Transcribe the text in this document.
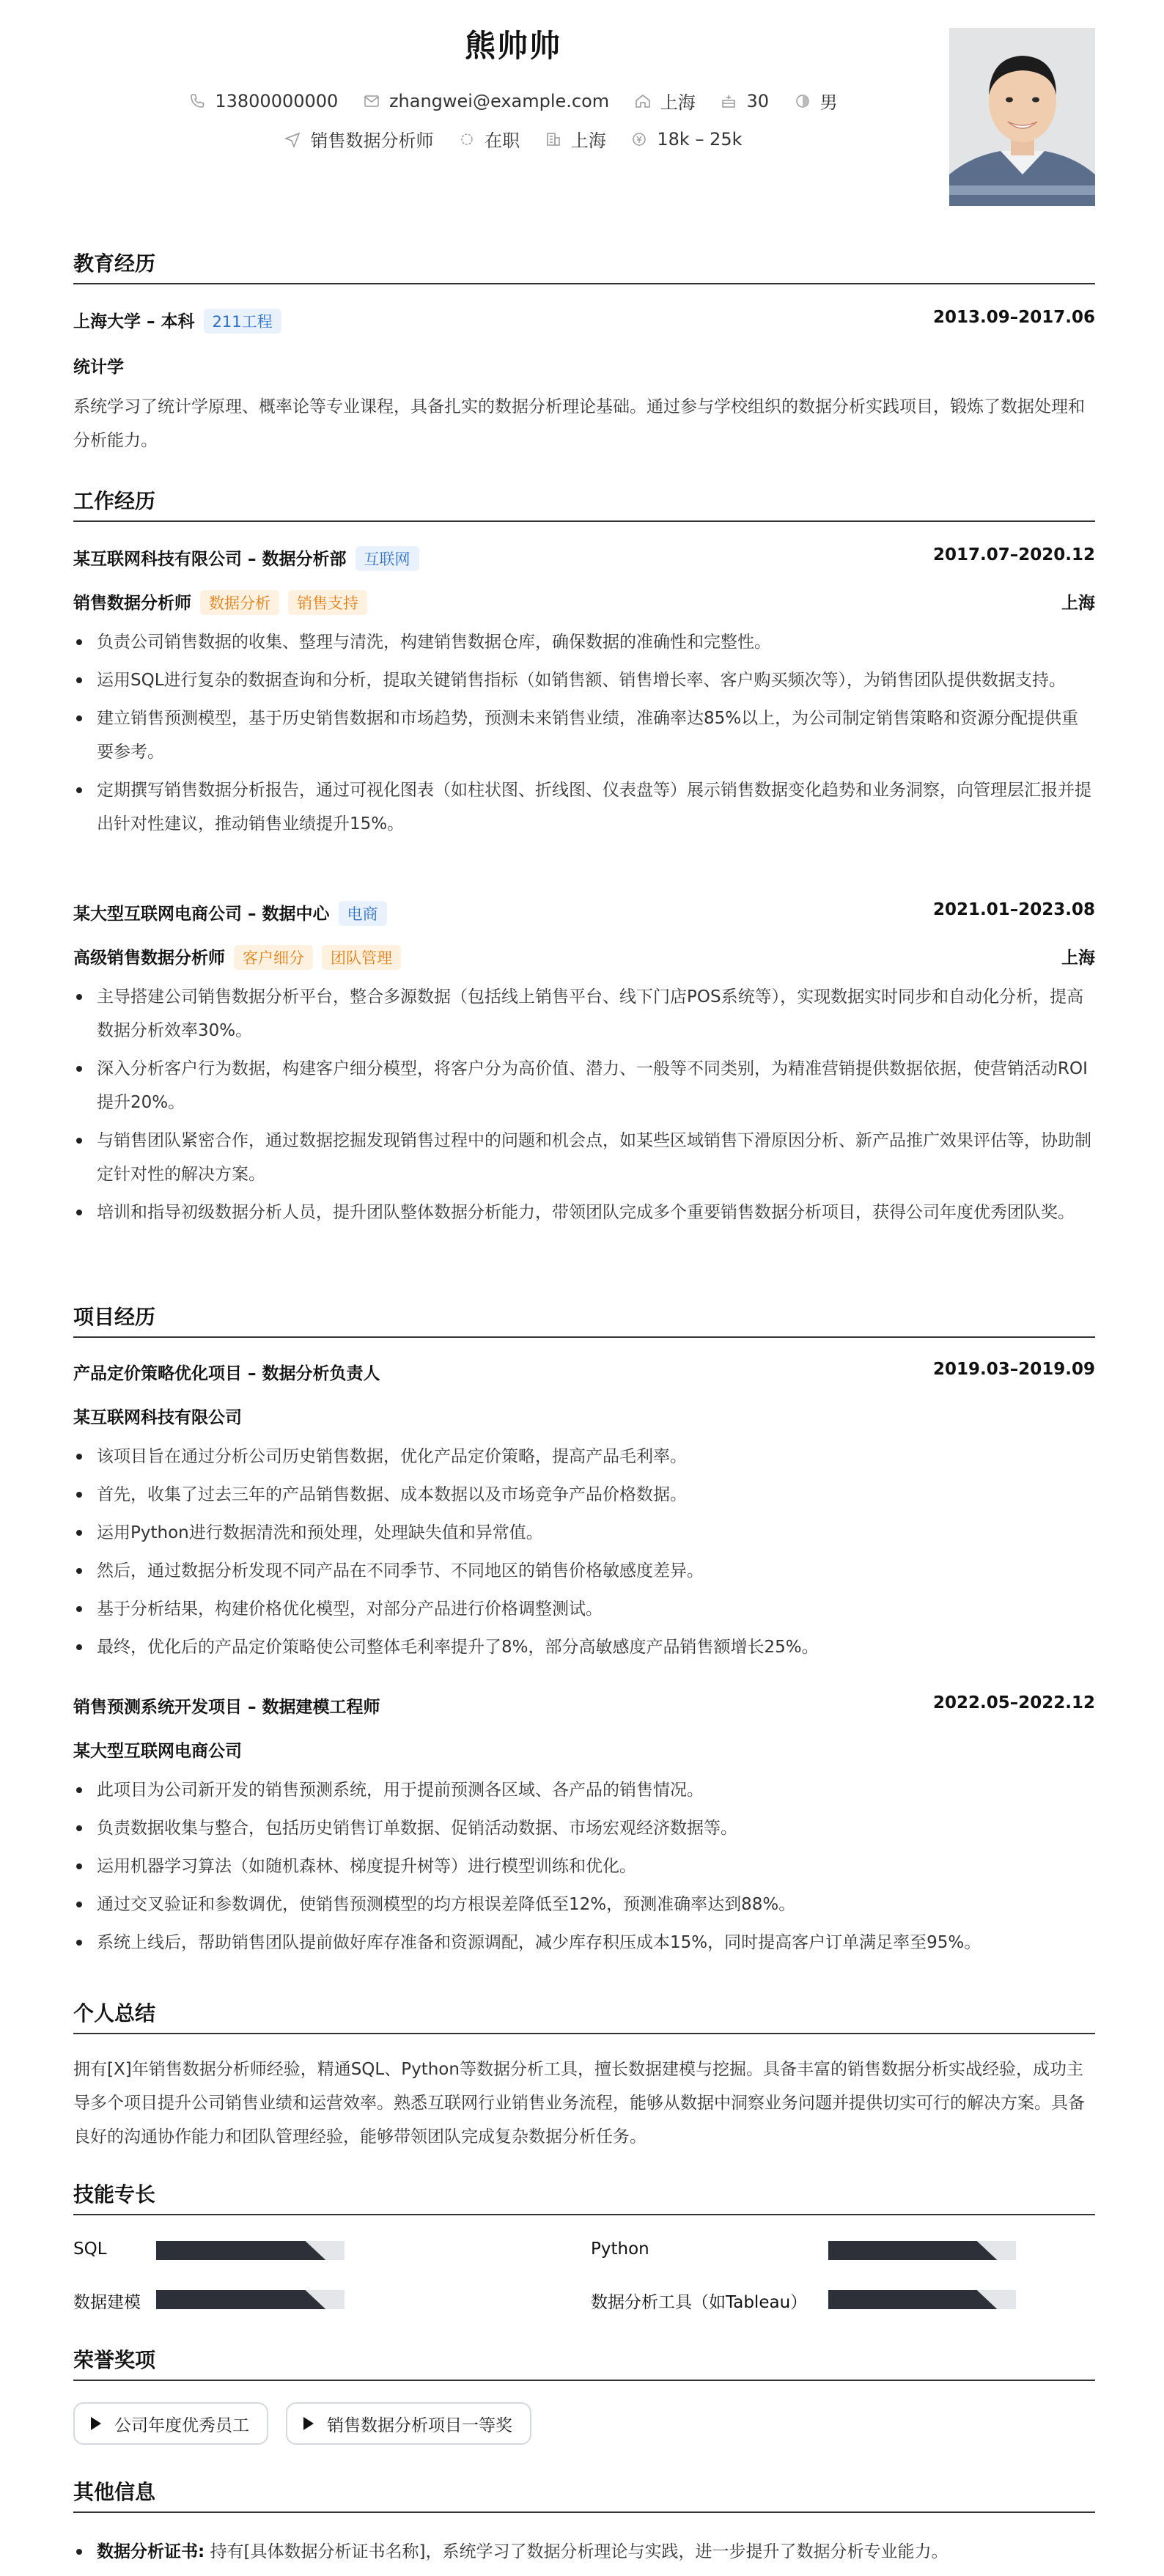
熊帅帅
13800000000
	zhangwei@example.com
	上海
	30
	男
销售数据分析师
	在职
	上海
	18k – 25k
教育经历
上海大学 – 本科 211工程	2013.09–2017.06
统计学
系统学习了统计学原理、概率论等专业课程，具备扎实的数据分析理论基础。通过参与学校组织的数据分析实践项目，锻炼了数据处理和分析能力。
工作经历
某互联网科技有限公司 – 数据分析部 互联网	2017.07–2020.12
销售数据分析师 数据分析 销售支持	上海
负责公司销售数据的收集、整理与清洗，构建销售数据仓库，确保数据的准确性和完整性。
运用SQL进行复杂的数据查询和分析，提取关键销售指标（如销售额、销售增长率、客户购买频次等），为销售团队提供数据支持。
建立销售预测模型，基于历史销售数据和市场趋势，预测未来销售业绩，准确率达85%以上，为公司制定销售策略和资源分配提供重要参考。
定期撰写销售数据分析报告，通过可视化图表（如柱状图、折线图、仪表盘等）展示销售数据变化趋势和业务洞察，向管理层汇报并提出针对性建议，推动销售业绩提升15%。
某大型互联网电商公司 – 数据中心 电商	2021.01–2023.08
高级销售数据分析师 客户细分 团队管理	上海
主导搭建公司销售数据分析平台，整合多源数据（包括线上销售平台、线下门店POS系统等），实现数据实时同步和自动化分析，提高数据分析效率30%。
深入分析客户行为数据，构建客户细分模型，将客户分为高价值、潜力、一般等不同类别，为精准营销提供数据依据，使营销活动ROI提升20%。
与销售团队紧密合作，通过数据挖掘发现销售过程中的问题和机会点，如某些区域销售下滑原因分析、新产品推广效果评估等，协助制定针对性的解决方案。
培训和指导初级数据分析人员，提升团队整体数据分析能力，带领团队完成多个重要销售数据分析项目，获得公司年度优秀团队奖。
项目经历
产品定价策略优化项目 – 数据分析负责人	2019.03–2019.09
某互联网科技有限公司
该项目旨在通过分析公司历史销售数据，优化产品定价策略，提高产品毛利率。
首先，收集了过去三年的产品销售数据、成本数据以及市场竞争产品价格数据。
运用Python进行数据清洗和预处理，处理缺失值和异常值。
然后，通过数据分析发现不同产品在不同季节、不同地区的销售价格敏感度差异。
基于分析结果，构建价格优化模型，对部分产品进行价格调整测试。
最终，优化后的产品定价策略使公司整体毛利率提升了8%，部分高敏感度产品销售额增长25%。
销售预测系统开发项目 – 数据建模工程师	2022.05–2022.12
某大型互联网电商公司
此项目为公司新开发的销售预测系统，用于提前预测各区域、各产品的销售情况。
负责数据收集与整合，包括历史销售订单数据、促销活动数据、市场宏观经济数据等。
运用机器学习算法（如随机森林、梯度提升树等）进行模型训练和优化。
通过交叉验证和参数调优，使销售预测模型的均方根误差降低至12%，预测准确率达到88%。
系统上线后，帮助销售团队提前做好库存准备和资源调配，减少库存积压成本15%，同时提高客户订单满足率至95%。
个人总结
拥有[X]年销售数据分析师经验，精通SQL、Python等数据分析工具，擅长数据建模与挖掘。具备丰富的销售数据分析实战经验，成功主导多个项目提升公司销售业绩和运营效率。熟悉互联网行业销售业务流程，能够从数据中洞察业务问题并提供切实可行的解决方案。具备良好的沟通协作能力和团队管理经验，能够带领团队完成复杂数据分析任务。
技能专长
SQL	Python
数据建模	数据分析工具（如Tableau）
荣誉奖项
公司年度优秀员工	销售数据分析项目一等奖
其他信息
数据分析证书: 持有[具体数据分析证书名称]，系统学习了数据分析理论与实践，进一步提升了数据分析专业能力。
